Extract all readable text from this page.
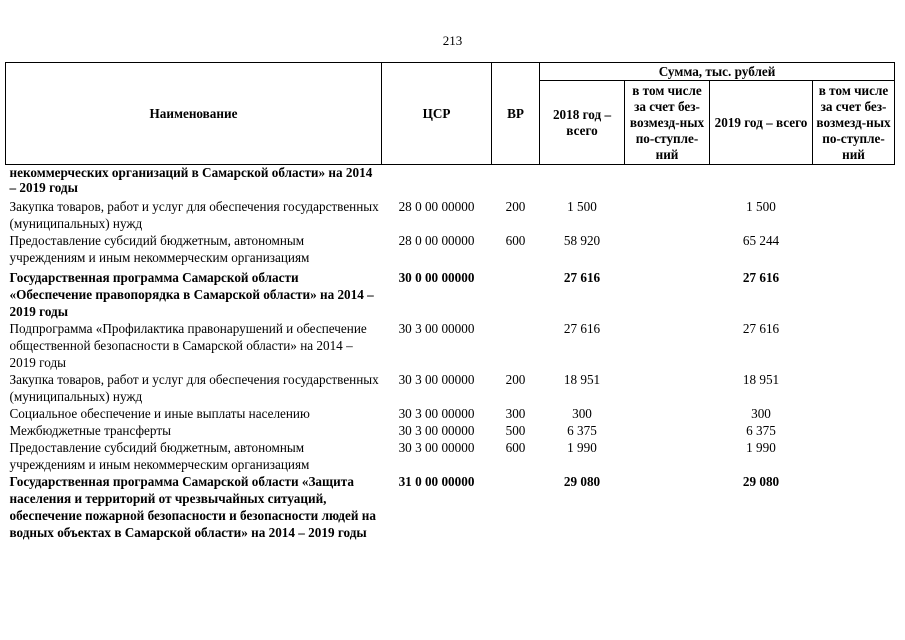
213
Наименование	ЦСР	ВР	Сумма, тыс. рублей			
			2018 год – всего	в том числе за счет без-возмезд-ных по-ступле-ний	2019 год – всего	в том числе за счет без-возмезд-ных по-ступле-ний
некоммерческих организаций в Самарской области» на 2014 – 2019 годы						
Закупка товаров, работ и услуг для обеспечения государственных (муниципальных) нужд	28 0 00 00000	200	1 500		1 500	
Предоставление субсидий бюджетным, автономным учреждениям и иным некоммерческим организациям	28 0 00 00000	600	58 920		65 244	
Государственная программа Самарской области «Обеспечение правопорядка в Самарской области» на 2014 – 2019 годы	30 0 00 00000		27 616		27 616	
Подпрограмма «Профилактика правонарушений и обеспечение общественной безопасности в Самарской области» на 2014 – 2019 годы	30 3 00 00000		27 616		27 616	
Закупка товаров, работ и услуг для обеспечения государственных (муниципальных) нужд	30 3 00 00000	200	18 951		18 951	
Социальное обеспечение и иные выплаты населению	30 3 00 00000	300	300		300	
Межбюджетные трансферты	30 3 00 00000	500	6 375		6 375	
Предоставление субсидий бюджетным, автономным учреждениям и иным некоммерческим организациям	30 3 00 00000	600	1 990		1 990	
Государственная программа Самарской области «Защита населения и территорий от чрезвычайных ситуаций, обеспечение пожарной безопасности и безопасности людей на водных объектах в Самарской области» на 2014 – 2019 годы	31 0 00 00000		29 080		29 080	
